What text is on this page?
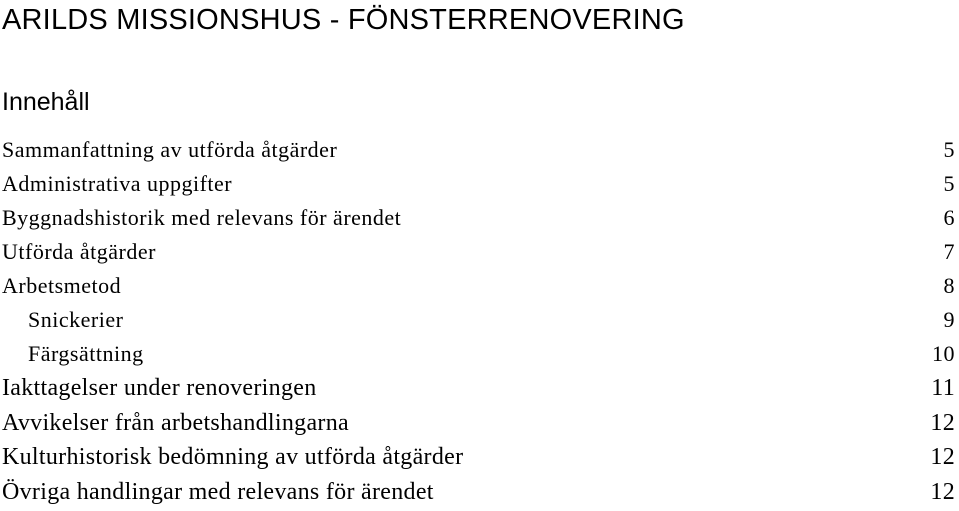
ARILDS MISSIONSHUS - FÖNSTERRENOVERING
Innehåll
Sammanfattning av utförda åtgärder	5
Administrativa uppgifter	5
Byggnadshistorik med relevans för ärendet	6
Utförda åtgärder	7
Arbetsmetod	8
Snickerier	9
Färgsättning	10
Iakttagelser under renoveringen	11
Avvikelser från arbetshandlingarna	12
Kulturhistorisk bedömning av utförda åtgärder	12
Övriga handlingar med relevans för ärendet	12
